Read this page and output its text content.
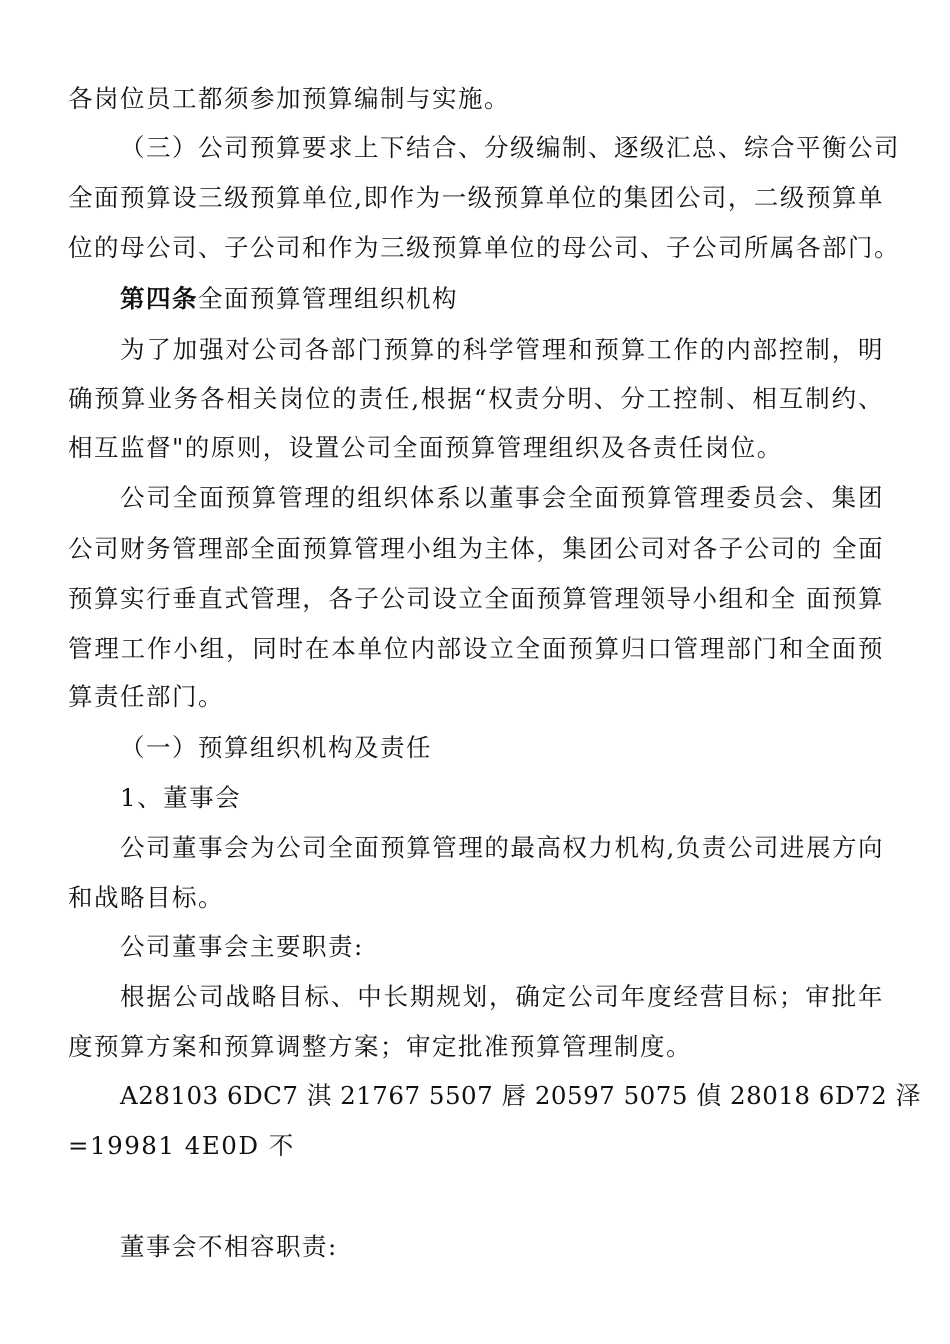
各岗位员工都须参加预算编制与实施。
（三）公司预算要求上下结合、分级编制、逐级汇总、综合平衡公司
全面预算设三级预算单位,即作为一级预算单位的集团公司，二级预算单
位的母公司、子公司和作为三级预算单位的母公司、子公司所属各部门。
第四条全面预算管理组织机构
为了加强对公司各部门预算的科学管理和预算工作的内部控制，明
确预算业务各相关岗位的责任,根据“权责分明、分工控制、相互制约、
相互监督"的原则，设置公司全面预算管理组织及各责任岗位。
公司全面预算管理的组织体系以董事会全面预算管理委员会、集团
公司财务管理部全面预算管理小组为主体，集团公司对各子公司的 全面
预算实行垂直式管理，各子公司设立全面预算管理领导小组和全 面预算
管理工作小组，同时在本单位内部设立全面预算归口管理部门和全面预
算责任部门。
（一）预算组织机构及责任
1、董事会
公司董事会为公司全面预算管理的最高权力机构,负责公司进展方向
和战略目标。
公司董事会主要职责:
根据公司战略目标、中长期规划，确定公司年度经营目标；审批年
度预算方案和预算调整方案；审定批准预算管理制度。
A28103 6DC7 淇 21767 5507 唇 20597 5075 偵 28018 6D72 泽
=19981 4E0D 不
董事会不相容职责:
